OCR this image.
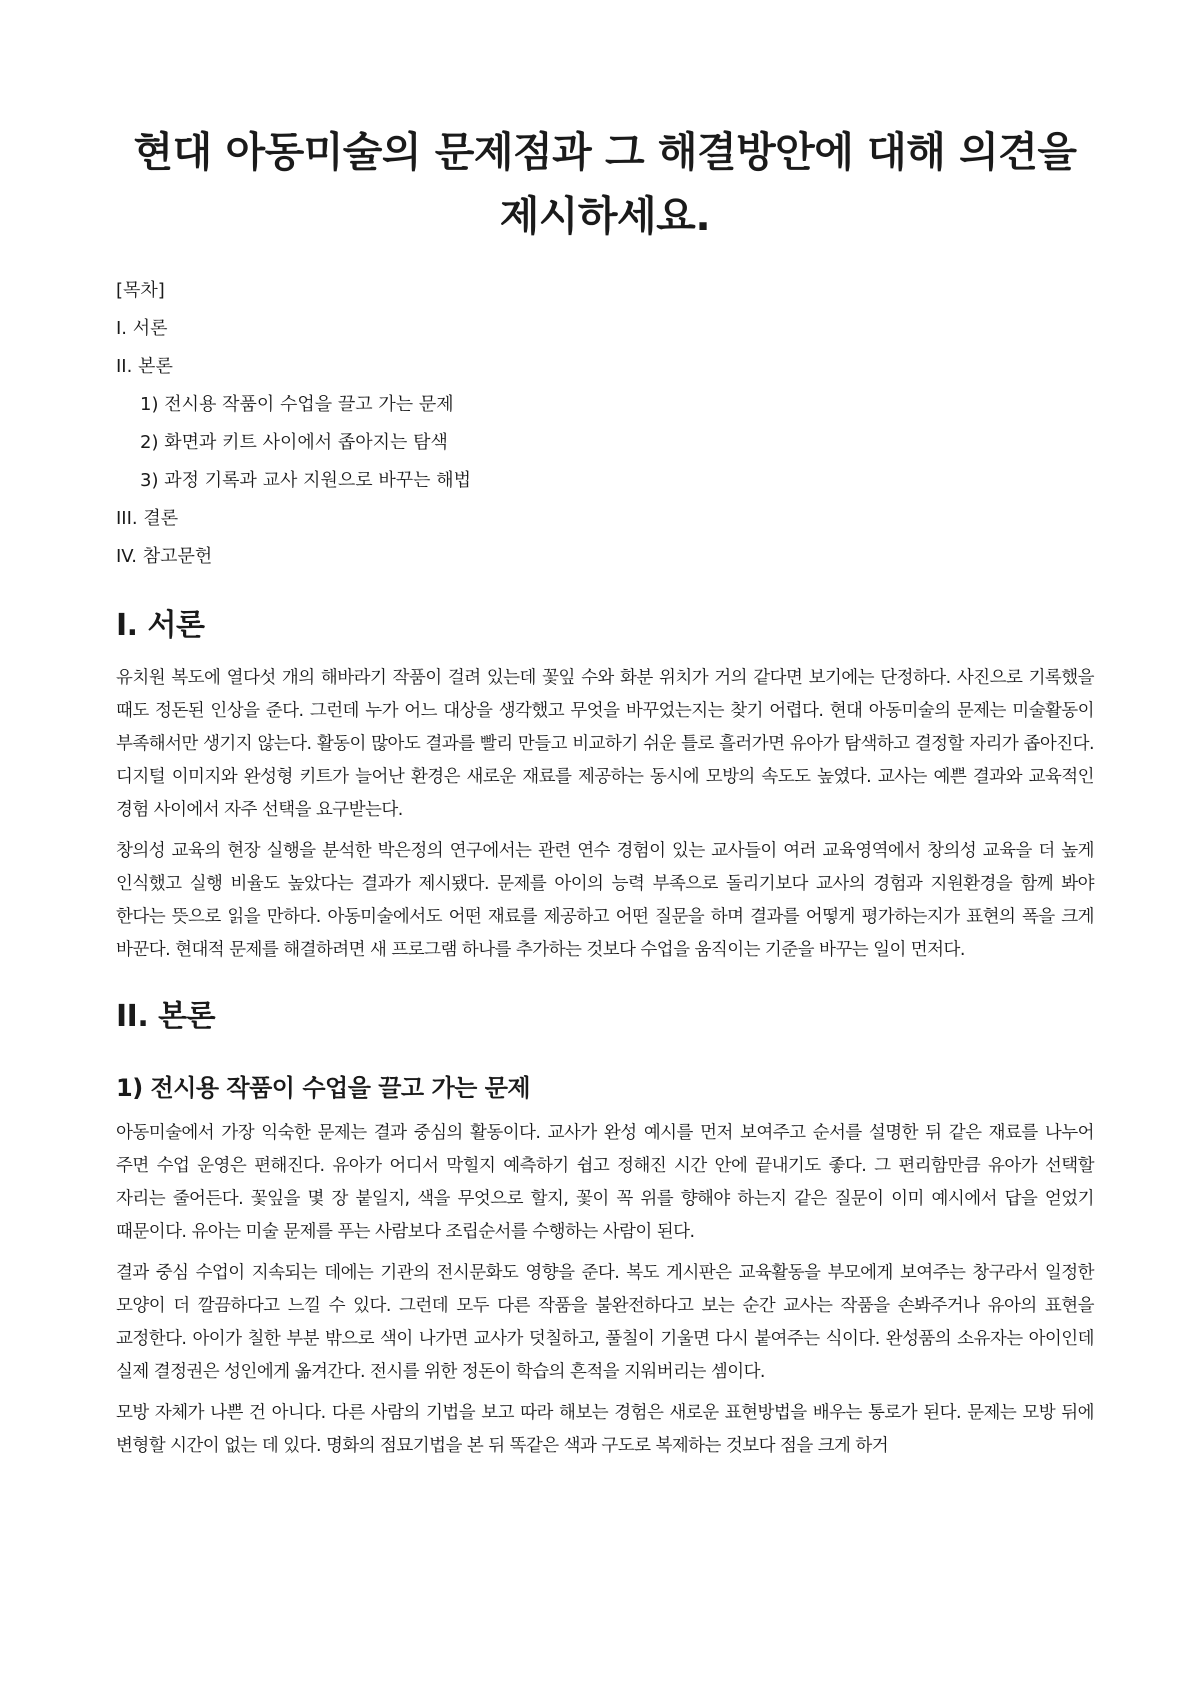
현대 아동미술의 문제점과 그 해결방안에 대해 의견을 제시하세요.
[목차]
I. 서론
II. 본론
1) 전시용 작품이 수업을 끌고 가는 문제
2) 화면과 키트 사이에서 좁아지는 탐색
3) 과정 기록과 교사 지원으로 바꾸는 해법
III. 결론
IV. 참고문헌
I. 서론

유치원 복도에 열다섯 개의 해바라기 작품이 걸려 있는데 꽃잎 수와 화분 위치가 거의 같다면 보기에는 단정하다. 사진으로 기록했을 때도 정돈된 인상을 준다. 그런데 누가 어느 대상을 생각했고 무엇을 바꾸었는지는 찾기 어렵다. 현대 아동미술의 문제는 미술활동이 부족해서만 생기지 않는다. 활동이 많아도 결과를 빨리 만들고 비교하기 쉬운 틀로 흘러가면 유아가 탐색하고 결정할 자리가 좁아진다. 디지털 이미지와 완성형 키트가 늘어난 환경은 새로운 재료를 제공하는 동시에 모방의 속도도 높였다. 교사는 예쁜 결과와 교육적인 경험 사이에서 자주 선택을 요구받는다.

창의성 교육의 현장 실행을 분석한 박은정의 연구에서는 관련 연수 경험이 있는 교사들이 여러 교육영역에서 창의성 교육을 더 높게 인식했고 실행 비율도 높았다는 결과가 제시됐다. 문제를 아이의 능력 부족으로 돌리기보다 교사의 경험과 지원환경을 함께 봐야 한다는 뜻으로 읽을 만하다. 아동미술에서도 어떤 재료를 제공하고 어떤 질문을 하며 결과를 어떻게 평가하는지가 표현의 폭을 크게 바꾼다. 현대적 문제를 해결하려면 새 프로그램 하나를 추가하는 것보다 수업을 움직이는 기준을 바꾸는 일이 먼저다.

II. 본론
1) 전시용 작품이 수업을 끌고 가는 문제

아동미술에서 가장 익숙한 문제는 결과 중심의 활동이다. 교사가 완성 예시를 먼저 보여주고 순서를 설명한 뒤 같은 재료를 나누어 주면 수업 운영은 편해진다. 유아가 어디서 막힐지 예측하기 쉽고 정해진 시간 안에 끝내기도 좋다. 그 편리함만큼 유아가 선택할 자리는 줄어든다. 꽃잎을 몇 장 붙일지, 색을 무엇으로 할지, 꽃이 꼭 위를 향해야 하는지 같은 질문이 이미 예시에서 답을 얻었기 때문이다. 유아는 미술 문제를 푸는 사람보다 조립순서를 수행하는 사람이 된다.

결과 중심 수업이 지속되는 데에는 기관의 전시문화도 영향을 준다. 복도 게시판은 교육활동을 부모에게 보여주는 창구라서 일정한 모양이 더 깔끔하다고 느낄 수 있다. 그런데 모두 다른 작품을 불완전하다고 보는 순간 교사는 작품을 손봐주거나 유아의 표현을 교정한다. 아이가 칠한 부분 밖으로 색이 나가면 교사가 덧칠하고, 풀칠이 기울면 다시 붙여주는 식이다. 완성품의 소유자는 아이인데 실제 결정권은 성인에게 옮겨간다. 전시를 위한 정돈이 학습의 흔적을 지워버리는 셈이다.

모방 자체가 나쁜 건 아니다. 다른 사람의 기법을 보고 따라 해보는 경험은 새로운 표현방법을 배우는 통로가 된다. 문제는 모방 뒤에 변형할 시간이 없는 데 있다. 명화의 점묘기법을 본 뒤 똑같은 색과 구도로 복제하는 것보다 점을 크게 하거
